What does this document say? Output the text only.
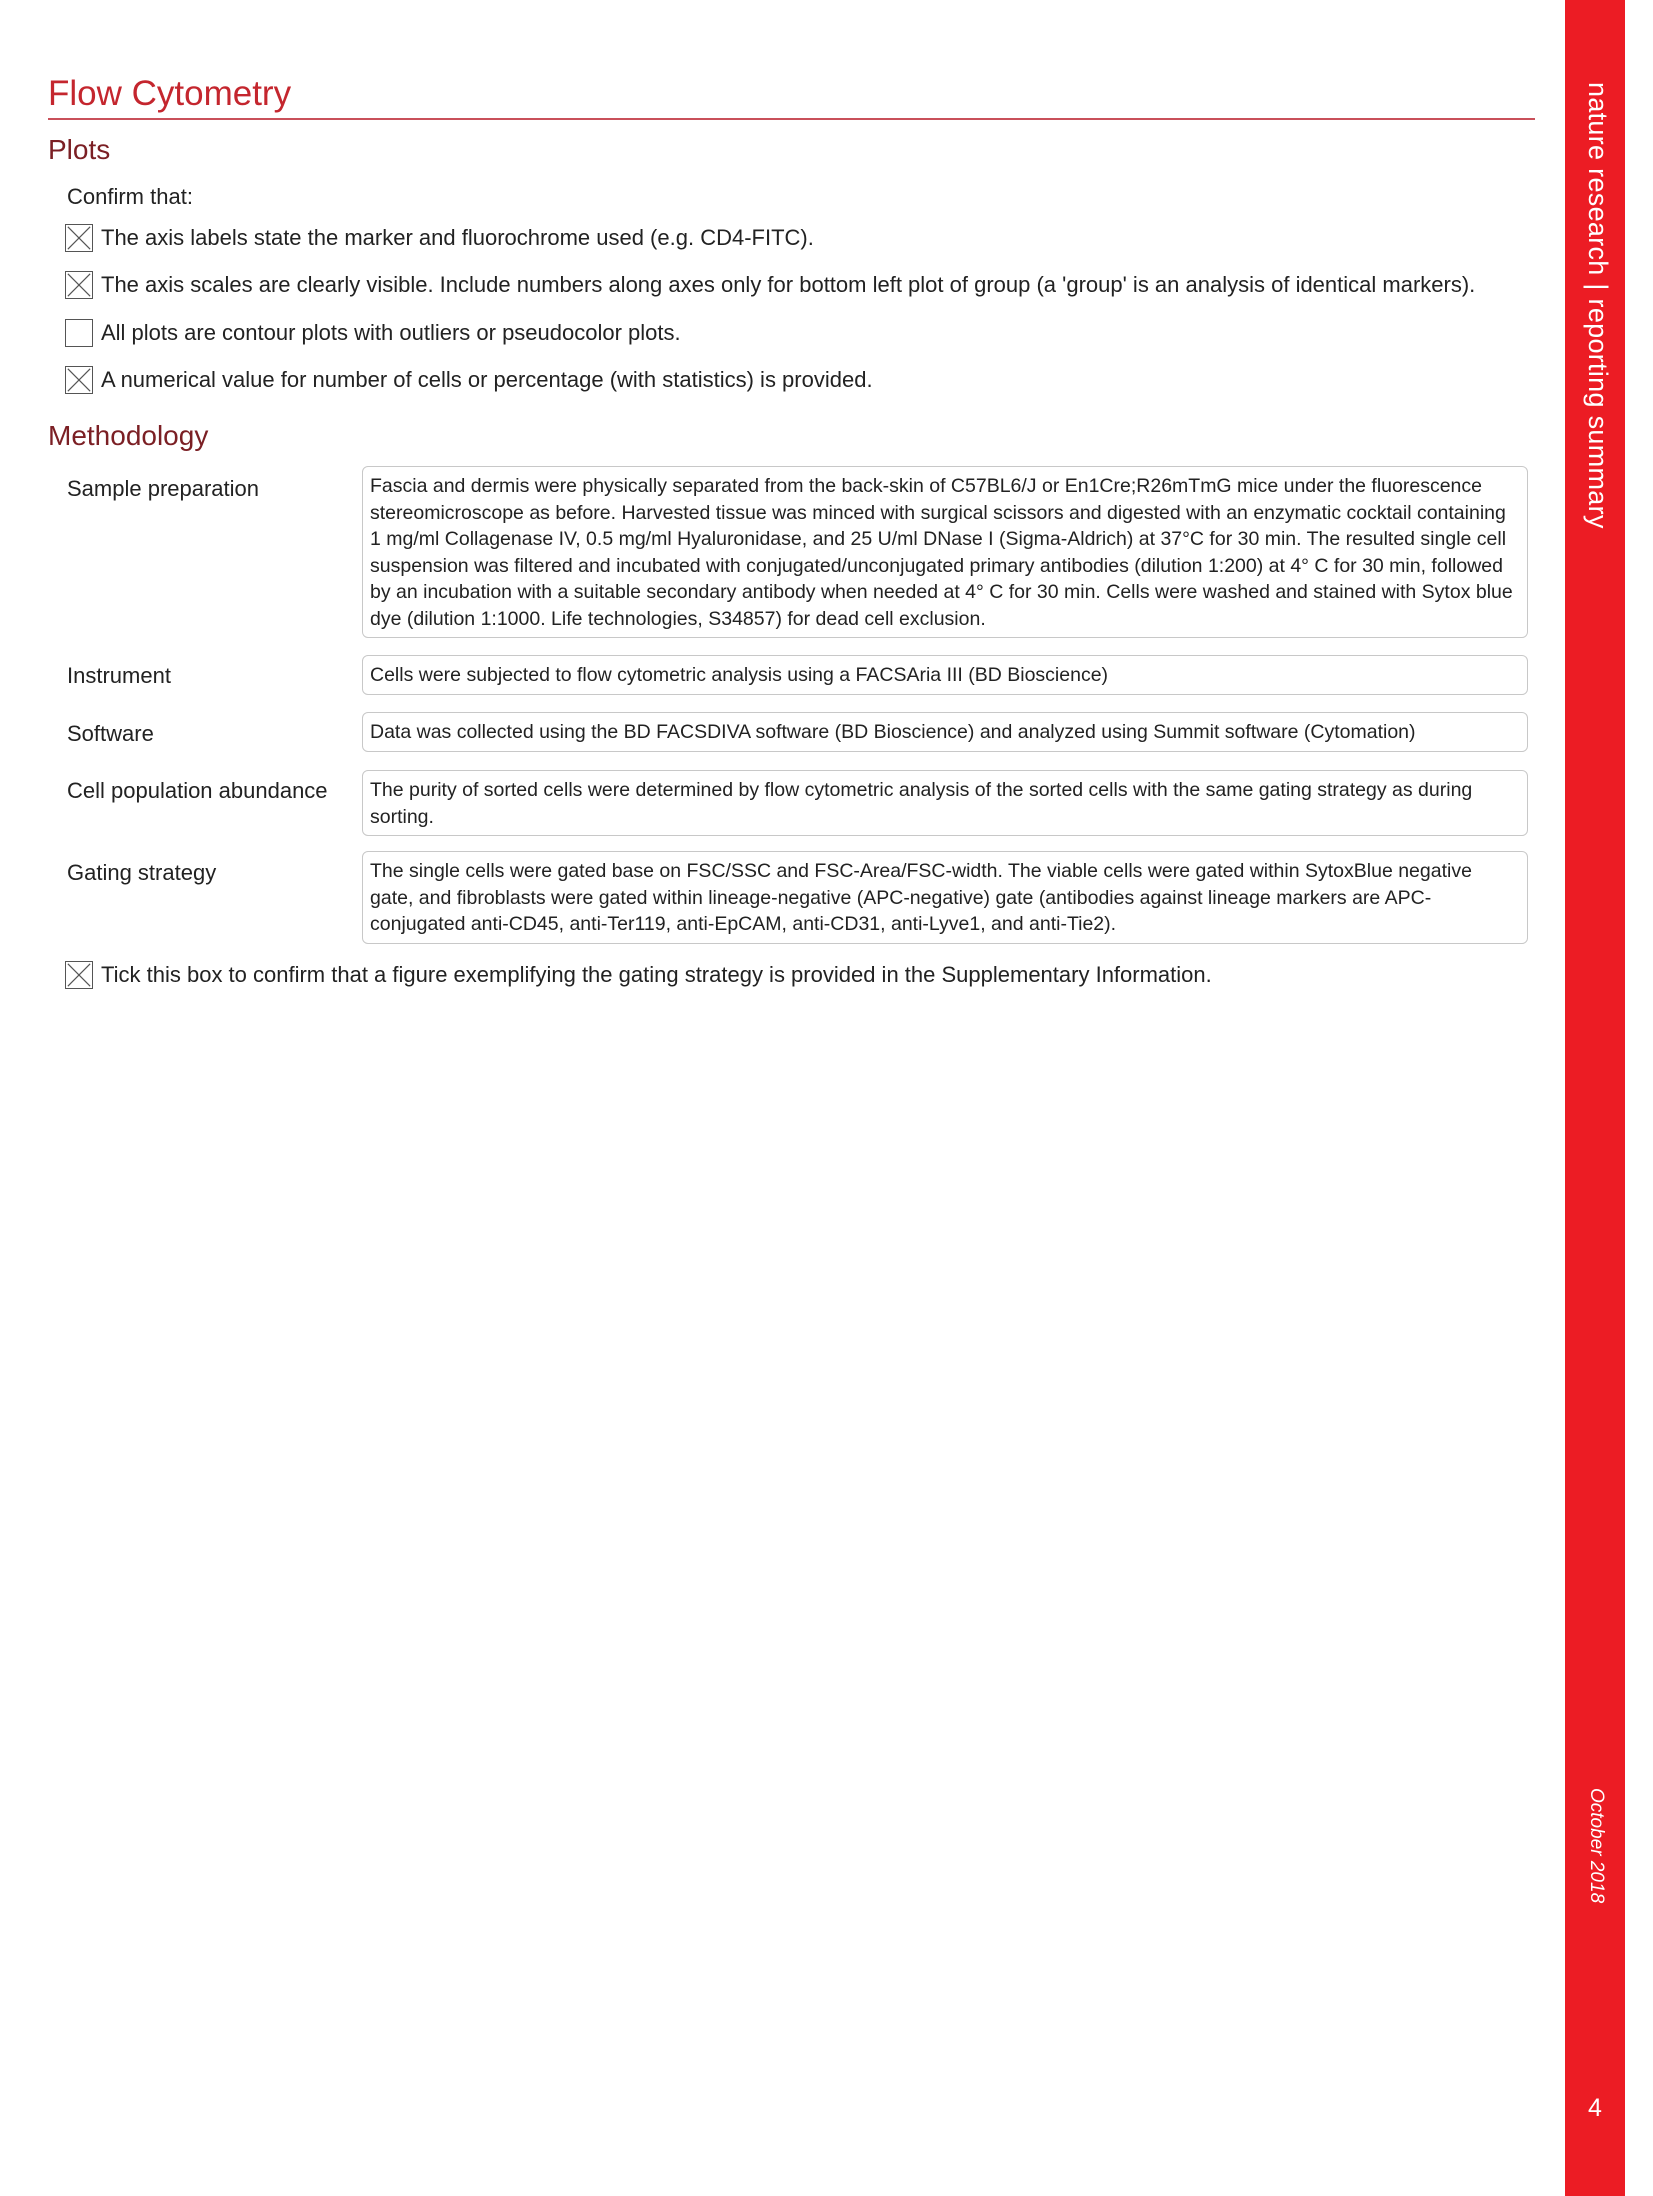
Flow Cytometry
Plots
Confirm that:
The axis labels state the marker and fluorochrome used (e.g. CD4-FITC).
The axis scales are clearly visible. Include numbers along axes only for bottom left plot of group (a 'group' is an analysis of identical markers).
All plots are contour plots with outliers or pseudocolor plots.
A numerical value for number of cells or percentage (with statistics) is provided.
Methodology
Sample preparation	Fascia and dermis were physically separated from the back-skin of C57BL6/J or En1Cre;R26mTmG mice under the fluorescence stereomicroscope as before. Harvested tissue was minced with surgical scissors and digested with an enzymatic cocktail containing 1 mg/ml Collagenase IV, 0.5 mg/ml Hyaluronidase, and 25 U/ml DNase I (Sigma-Aldrich) at 37°C for 30 min. The resulted single cell suspension was filtered and incubated with conjugated/unconjugated primary antibodies (dilution 1:200) at 4° C for 30 min, followed by an incubation with a suitable secondary antibody when needed at 4° C for 30 min. Cells were washed and stained with Sytox blue dye (dilution 1:1000. Life technologies, S34857) for dead cell exclusion.
Instrument	Cells were subjected to flow cytometric analysis using a FACSAria III (BD Bioscience)
Software	Data was collected using the BD FACSDIVA software (BD Bioscience) and analyzed using Summit software (Cytomation)
Cell population abundance	The purity of sorted cells were determined by flow cytometric analysis of the sorted cells with the same gating strategy as during sorting.
Gating strategy	The single cells were gated base on FSC/SSC and FSC-Area/FSC-width. The viable cells were gated within SytoxBlue negative gate, and fibroblasts were gated within lineage-negative (APC-negative) gate (antibodies against lineage markers are APC-conjugated anti-CD45, anti-Ter119, anti-EpCAM, anti-CD31, anti-Lyve1, and anti-Tie2).
Tick this box to confirm that a figure exemplifying the gating strategy is provided in the Supplementary Information.
nature research | reporting summary
October 2018
4
